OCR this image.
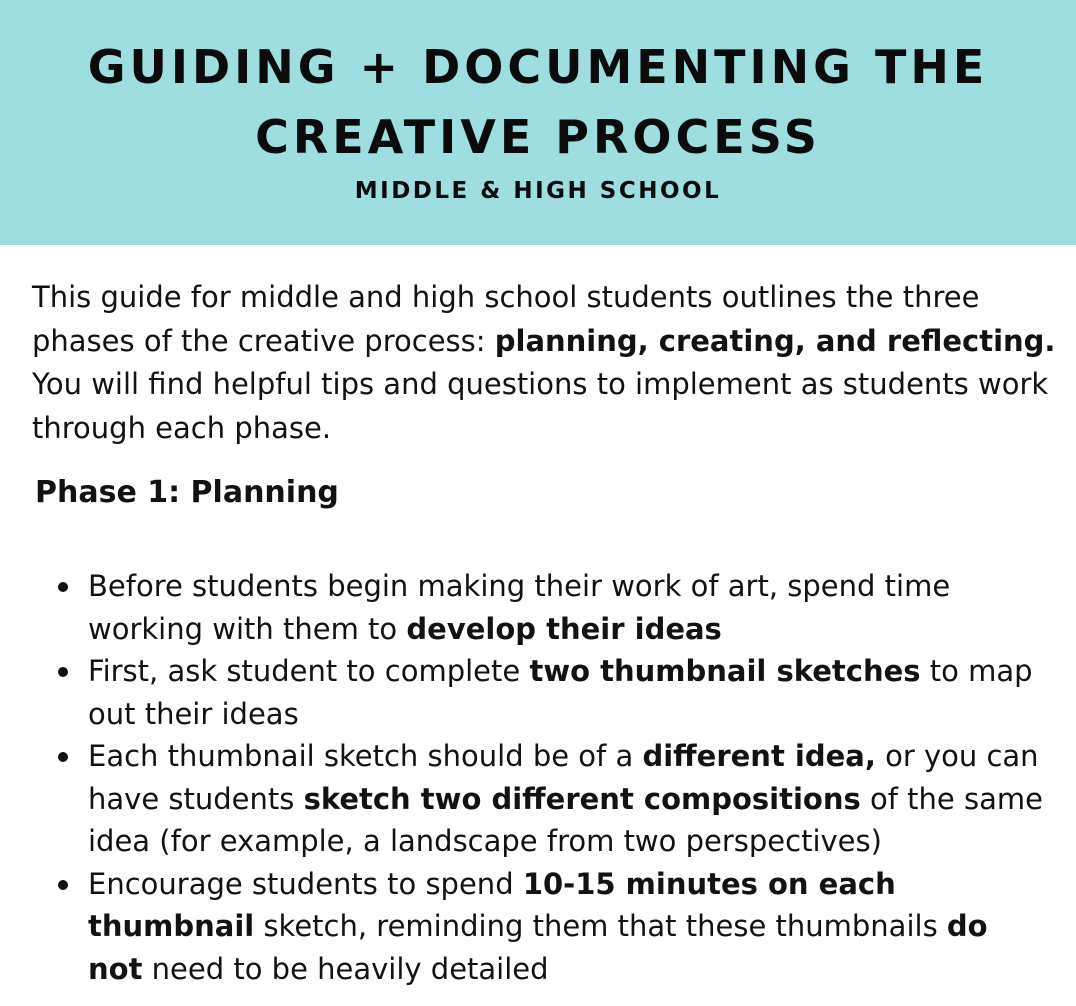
GUIDING + DOCUMENTING THE
CREATIVE PROCESS
MIDDLE & HIGH SCHOOL

This guide for middle and high school students outlines the three phases of the creative process: planning, creating, and reflecting. You will find helpful tips and questions to implement as students work through each phase.

Phase 1: Planning
Before students begin making their work of art, spend time working with them to develop their ideas
First, ask student to complete two thumbnail sketches to map out their ideas
Each thumbnail sketch should be of a different idea, or you can have students sketch two different compositions of the same idea (for example, a landscape from two perspectives)
Encourage students to spend 10-15 minutes on each thumbnail sketch, reminding them that these thumbnails do not need to be heavily detailed
